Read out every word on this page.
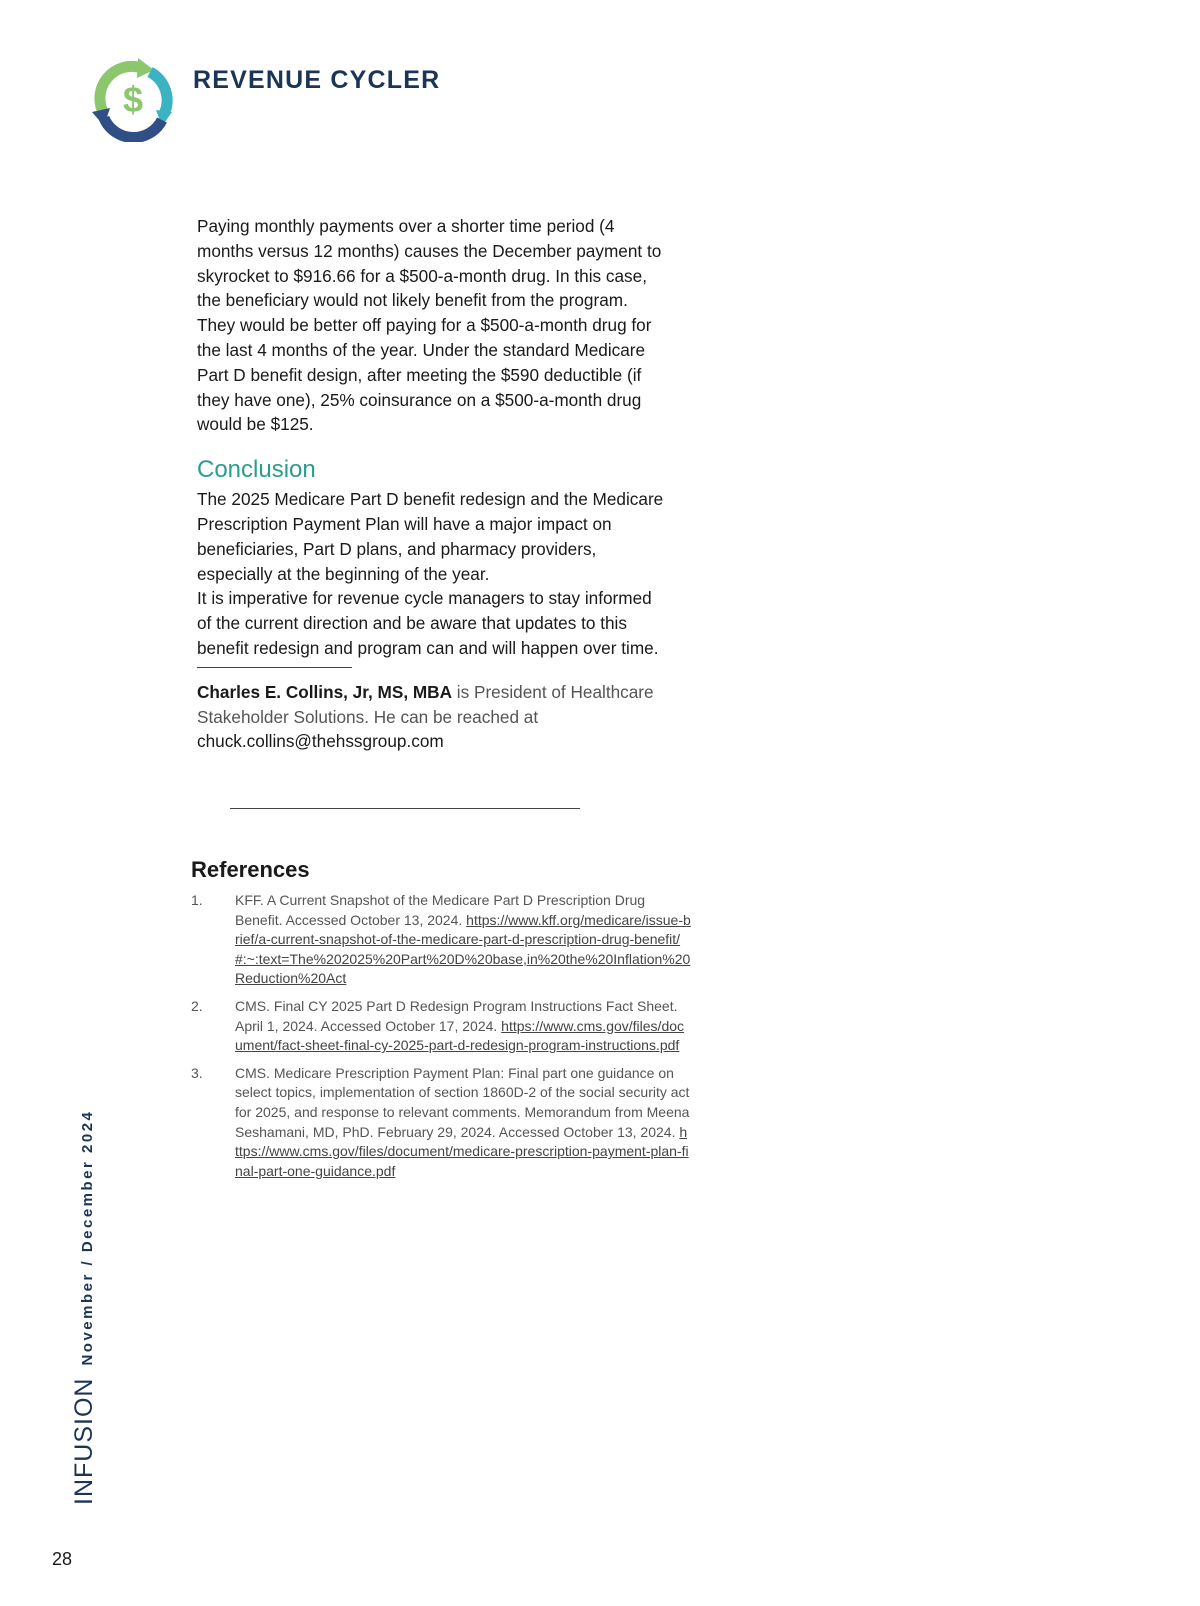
$ REVENUE CYCLER

Paying monthly payments over a shorter time period (4 months versus 12 months) causes the December payment to skyrocket to $916.66 for a $500-a-month drug. In this case, the beneficiary would not likely benefit from the program. They would be better off paying for a $500-a-month drug for the last 4 months of the year. Under the standard Medicare Part D benefit design, after meeting the $590 deductible (if they have one), 25% coinsurance on a $500-a-month drug would be $125.

Conclusion

The 2025 Medicare Part D benefit redesign and the Medicare Prescription Payment Plan will have a major impact on beneficiaries, Part D plans, and pharmacy providers, especially at the beginning of the year.

It is imperative for revenue cycle managers to stay informed of the current direction and be aware that updates to this benefit redesign and program can and will happen over time.

Charles E. Collins, Jr, MS, MBA is President of Healthcare Stakeholder Solutions. He can be reached at chuck.collins@thehssgroup.com

References
1. KFF. A Current Snapshot of the Medicare Part D Prescription Drug Benefit. Accessed October 13, 2024. https://www.kff.org/medicare/issue-brief/a-current-snapshot-of-the-medicare-part-d-prescription-drug-benefit/#:~:text=The%202025%20Part%20D%20base,in%20the%20Inflation%20Reduction%20Act
2. CMS. Final CY 2025 Part D Redesign Program Instructions Fact Sheet. April 1, 2024. Accessed October 17, 2024. https://www.cms.gov/files/document/fact-sheet-final-cy-2025-part-d-redesign-program-instructions.pdf
3. CMS. Medicare Prescription Payment Plan: Final part one guidance on select topics, implementation of section 1860D-2 of the social security act for 2025, and response to relevant comments. Memorandum from Meena Seshamani, MD, PhD. February 29, 2024. Accessed October 13, 2024. https://www.cms.gov/files/document/medicare-prescription-payment-plan-final-part-one-guidance.pdf
INFUSION
November / December 2024
28
